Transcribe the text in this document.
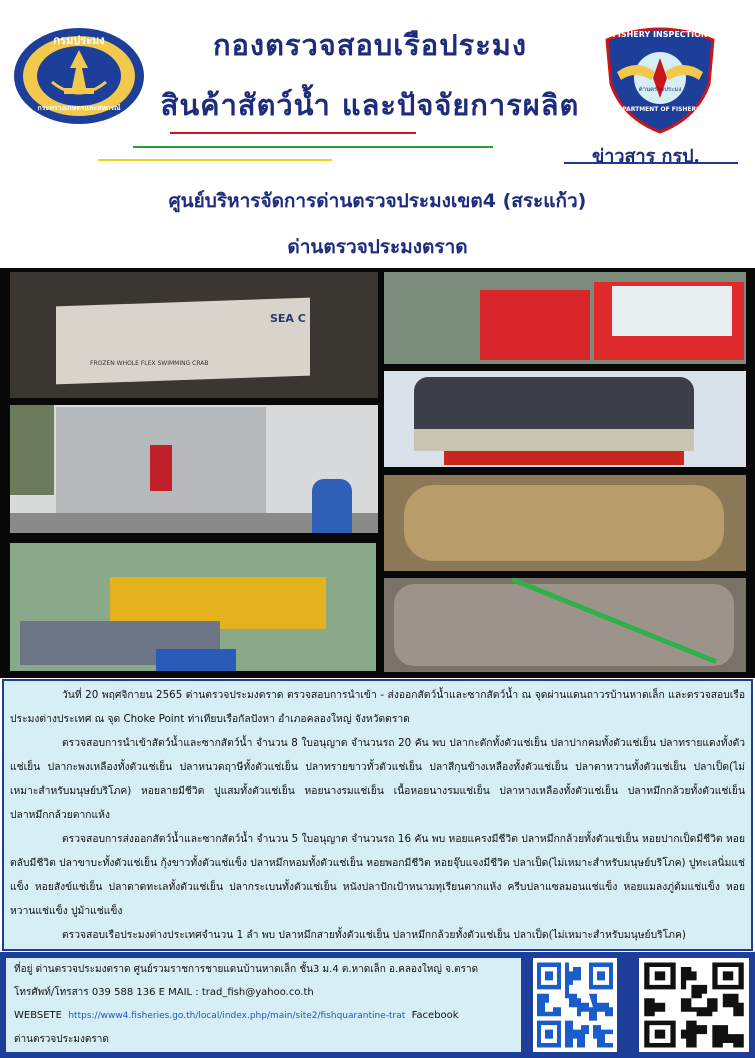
กรมประมง
กระทรวงเกษตรและสหกรณ์
กองตรวจสอบเรือประมง
สินค้าสัตว์น้ำ และปัจจัยการผลิต
FISHERY INSPECTION
ด่านตรวจประมง
DEPARTMENT OF FISHERIES
ข่าวสาร กรป.
ศูนย์บริหารจัดการด่านตรวจประมงเขต4 (สระแก้ว)
ด่านตรวจประมงตราด
SEA C
FROZEN WHOLE FLEX SWIMMING CRAB

วันที่ 20 พฤศจิกายน 2565 ด่านตรวจประมงตราด ตรวจสอบการนำเข้า - ส่งออกสัตว์น้ำและซากสัตว์น้ำ ณ จุดผ่านแดนถาวรบ้านหาดเล็ก และตรวจสอบเรือประมงต่างประเทศ ณ จุด Choke Point ท่าเทียบเรือกัลปังหา อำเภอคลองใหญ่ จังหวัดตราด

ตรวจสอบการนำเข้าสัตว์น้ำและซากสัตว์น้ำ จำนวน 8 ใบอนุญาต จำนวนรถ 20 คัน พบ ปลากะตักทั้งตัวแช่เย็น ปลาปากคมทั้งตัวแช่เย็น ปลาทรายแดงทั้งตัวแช่เย็น ปลากะพงเหลืองทั้งตัวแช่เย็น ปลาหนวดฤาษีทั้งตัวแช่เย็น ปลาทรายขาวทั้วตัวแช่เย็น ปลาสีกุนข้างเหลืองทั้งตัวแช่เย็น ปลาตาหวานทั้งตัวแช่เย็น ปลาเป็ด(ไม่เหมาะสำหรับมนุษย์บริโภค) หอยลายมีชีวิต ปูแสมทั้งตัวแช่เย็น หอยนางรมแช่เย็น เนื้อหอยนางรมแช่เย็น ปลาหางเหลืองทั้งตัวแช่เย็น ปลาหมึกกล้วยทั้งตัวแช่เย็น ปลาหมึกกล้วยตากแห้ง

ตรวจสอบการส่งออกสัตว์น้ำและซากสัตว์น้ำ จำนวน 5 ใบอนุญาต จำนวนรถ 16 คัน พบ หอยแครงมีชีวิต ปลาหมึกกล้วยทั้งตัวแช่เย็น หอยปากเป็ดมีชีวิต หอยตลับมีชีวิต ปลาขาบะทั้งตัวแช่เย็น กุ้งขาวทั้งตัวแช่แข็ง ปลาหมึกหอมทั้งตัวแช่เย็น หอยพอกมีชีวิต หอยจุ๊บแจงมีชีวิต ปลาเป็ด(ไม่เหมาะสำหรับมนุษย์บริโภค) ปูทะเลนิ่มแช่แข็ง หอยสังข์แช่เย็น ปลาดาดทะเลทั้งตัวแช่เย็น ปลากระเบนทั้งตัวแช่เย็น หนังปลาปักเป้าหนามทุเรียนตากแห้ง ครีบปลาแซลมอนแช่แข็ง หอยแมลงภู่ต้มแช่แข็ง หอยหวานแช่แข็ง ปูม้าแช่แข็ง

ตรวจสอบเรือประมงต่างประเทศจำนวน 1 ลำ พบ ปลาหมึกสายทั้งตัวแช่เย็น ปลาหมึกกล้วยทั้งตัวแช่เย็น ปลาเป็ด(ไม่เหมาะสำหรับมนุษย์บริโภค)

ที่อยู่ ด่านตรวจประมงตราด ศูนย์รวมราชการชายแดนบ้านหาดเล็ก ชั้น3 ม.4 ต.หาดเล็ก อ.คลองใหญ่ จ.ตราด
โทรศัพท์/โทรสาร 039 588 136 E MAIL : trad_fish@yahoo.co.th
WEBSETE https://www4.fisheries.go.th/local/index.php/main/site2/fishquarantine-trat Facebook
ด่านตรวจประมงตราด
